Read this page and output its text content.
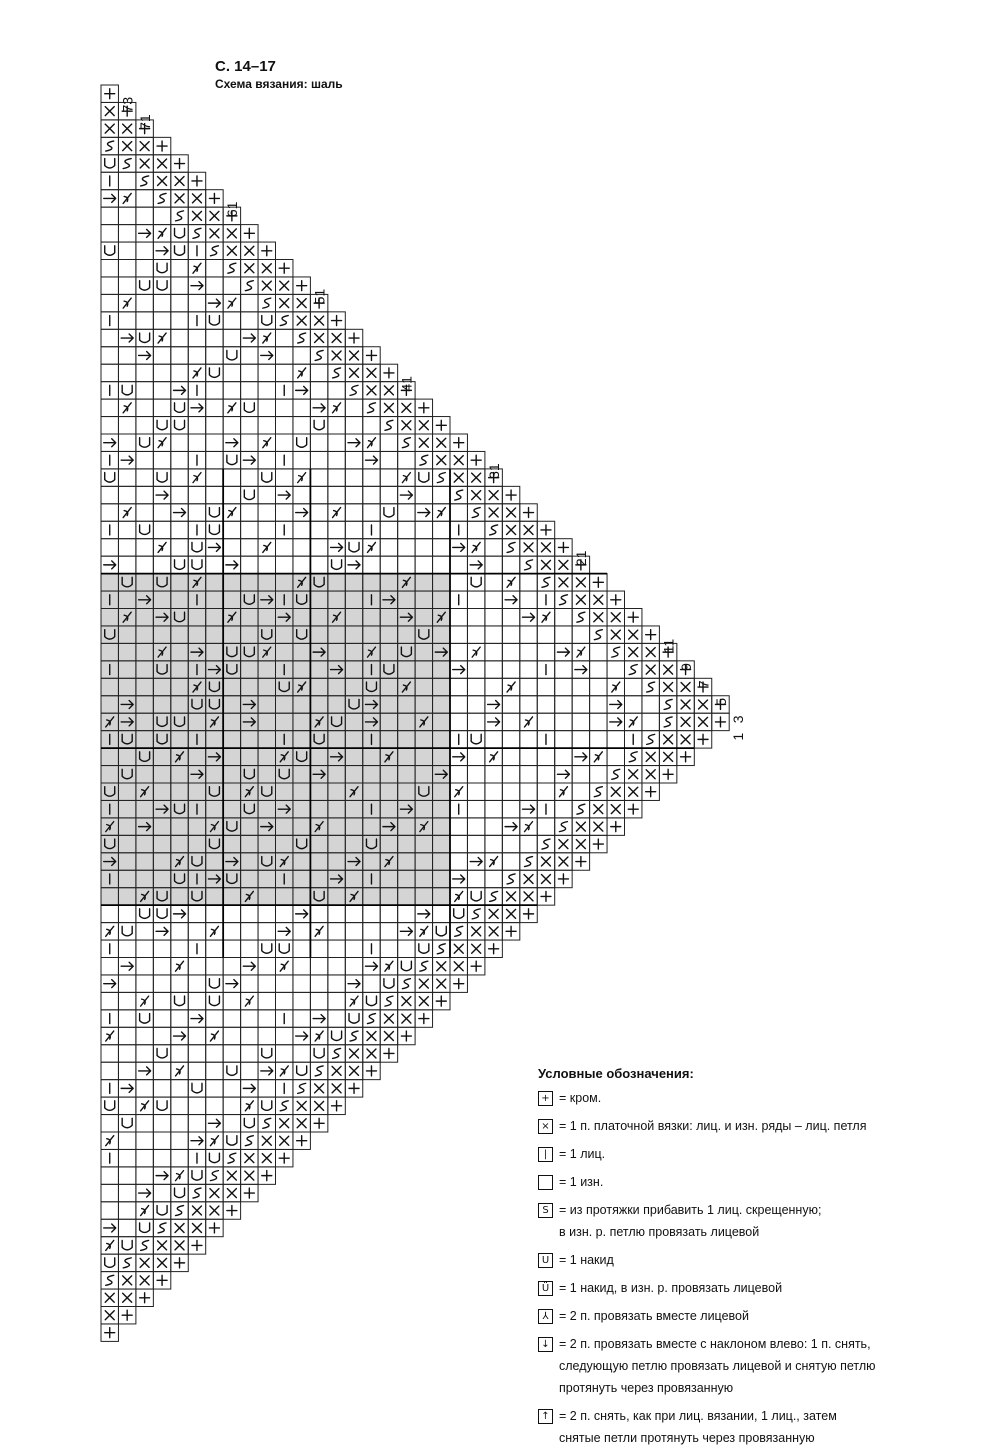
С. 14–17
Схема вязания: шаль
73
71
61
51
41
31
21
11
9
7
5
3
1
Условные обозначения:
+ = кром.
× = 1 п. платочной вязки: лиц. и изн. ряды – лиц. петля
| = 1 лиц.
= 1 изн.
S = из протяжки прибавить 1 лиц. скрещенную;
в изн. р. петлю провязать лицевой
U = 1 накид
Ü = 1 накид, в изн. р. провязать лицевой
⅄ = 2 п. провязать вместе лицевой
↓ = 2 п. провязать вместе с наклоном влево: 1 п. снять,
следующую петлю провязать лицевой и снятую петлю
протянуть через провязанную
↑ = 2 п. снять, как при лиц. вязании, 1 лиц., затем
снятые петли протянуть через провязанную
